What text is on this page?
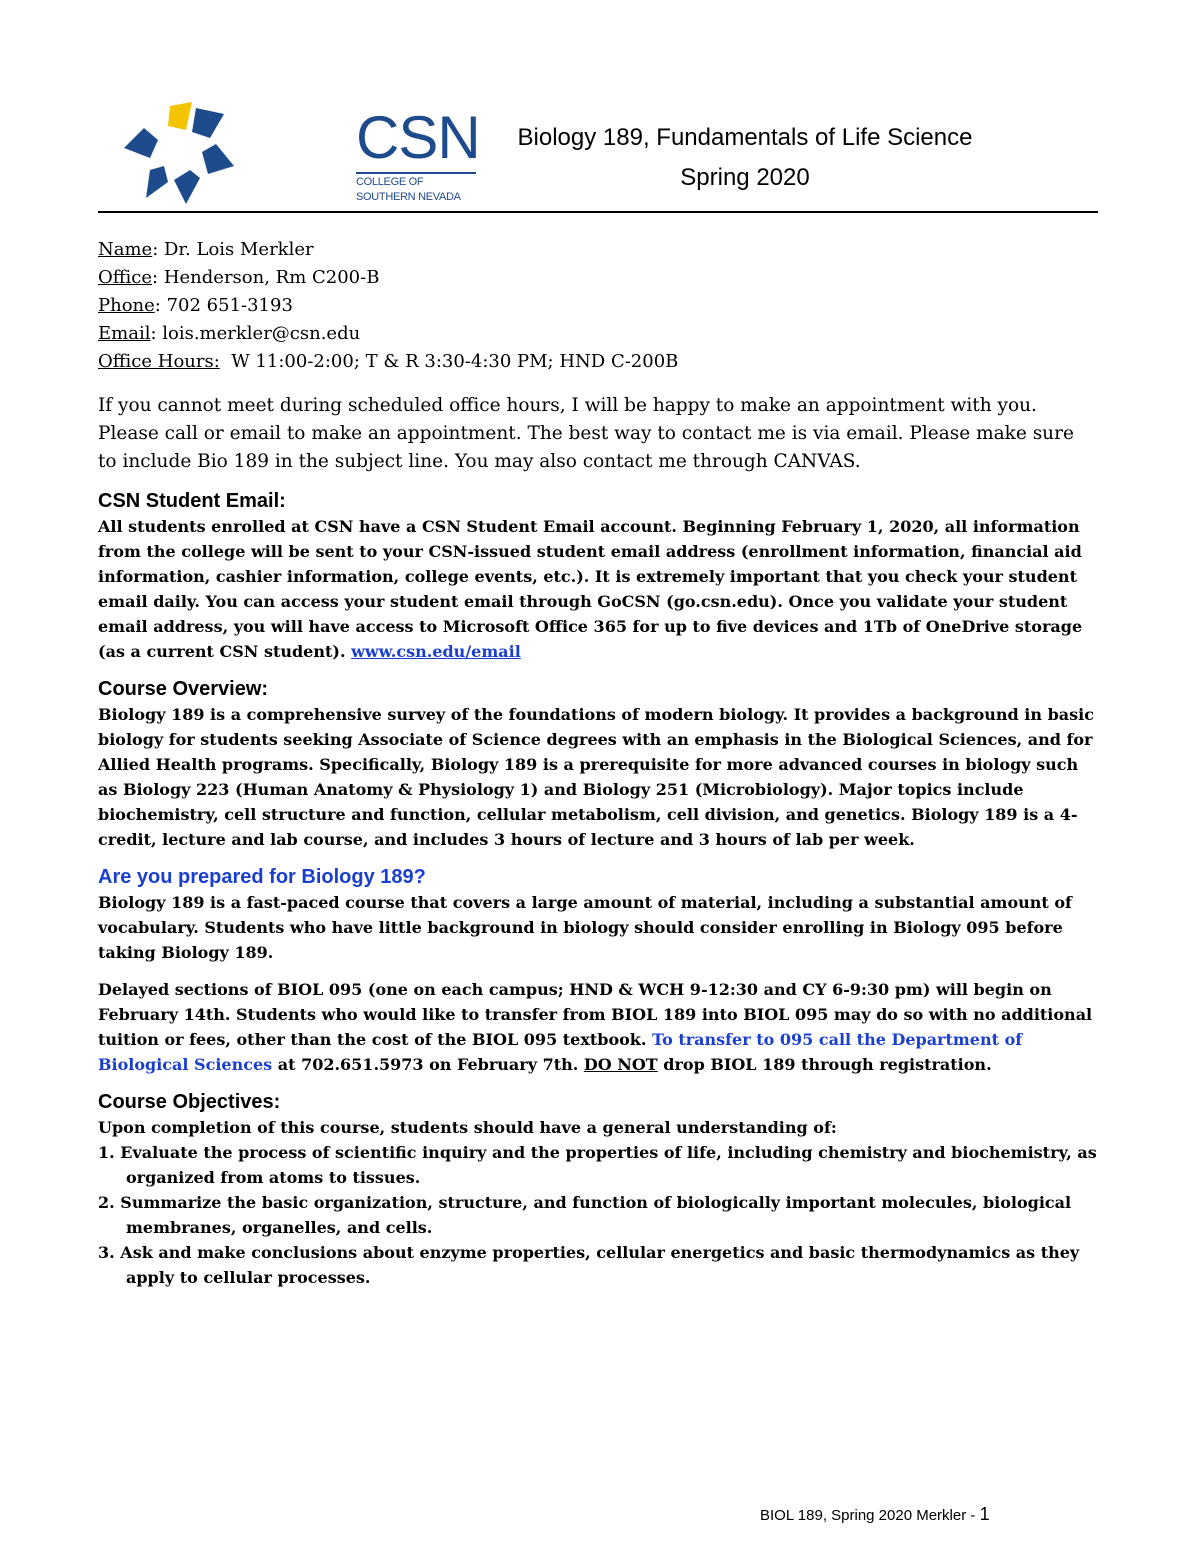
CSN
COLLEGE OF
SOUTHERN NEVADA
Biology 189, Fundamentals of Life Science
Spring 2020
Name: Dr. Lois Merkler
Office: Henderson, Rm C200-B
Phone: 702 651-3193
Email: lois.merkler@csn.edu
Office Hours:  W 11:00-2:00; T & R 3:30-4:30 PM; HND C-200B

If you cannot meet during scheduled office hours, I will be happy to make an appointment with you. Please call or email to make an appointment. The best way to contact me is via email. Please make sure to include Bio 189 in the subject line. You may also contact me through CANVAS.

CSN Student Email:

All students enrolled at CSN have a CSN Student Email account. Beginning February 1, 2020, all information from the college will be sent to your CSN-issued student email address (enrollment information, financial aid information, cashier information, college events, etc.). It is extremely important that you check your student email daily. You can access your student email through GoCSN (go.csn.edu). Once you validate your student email address, you will have access to Microsoft Office 365 for up to five devices and 1Tb of OneDrive storage (as a current CSN student). www.csn.edu/email

Course Overview:

Biology 189 is a comprehensive survey of the foundations of modern biology. It provides a background in basic biology for students seeking Associate of Science degrees with an emphasis in the Biological Sciences, and for Allied Health programs. Specifically, Biology 189 is a prerequisite for more advanced courses in biology such as Biology 223 (Human Anatomy & Physiology 1) and Biology 251 (Microbiology). Major topics include biochemistry, cell structure and function, cellular metabolism, cell division, and genetics. Biology 189 is a 4-credit, lecture and lab course, and includes 3 hours of lecture and 3 hours of lab per week.

Are you prepared for Biology 189?

Biology 189 is a fast-paced course that covers a large amount of material, including a substantial amount of vocabulary. Students who have little background in biology should consider enrolling in Biology 095 before taking Biology 189.

Delayed sections of BIOL 095 (one on each campus; HND & WCH 9-12:30 and CY 6-9:30 pm) will begin on February 14th. Students who would like to transfer from BIOL 189 into BIOL 095 may do so with no additional tuition or fees, other than the cost of the BIOL 095 textbook. To transfer to 095 call the Department of Biological Sciences at 702.651.5973 on February 7th. DO NOT drop BIOL 189 through registration.

Course Objectives:

Upon completion of this course, students should have a general understanding of:

1. Evaluate the process of scientific inquiry and the properties of life, including chemistry and biochemistry, as organized from atoms to tissues.
2. Summarize the basic organization, structure, and function of biologically important molecules, biological membranes, organelles, and cells.
3. Ask and make conclusions about enzyme properties, cellular energetics and basic thermodynamics as they apply to cellular processes.
BIOL 189, Spring 2020 Merkler - 1
